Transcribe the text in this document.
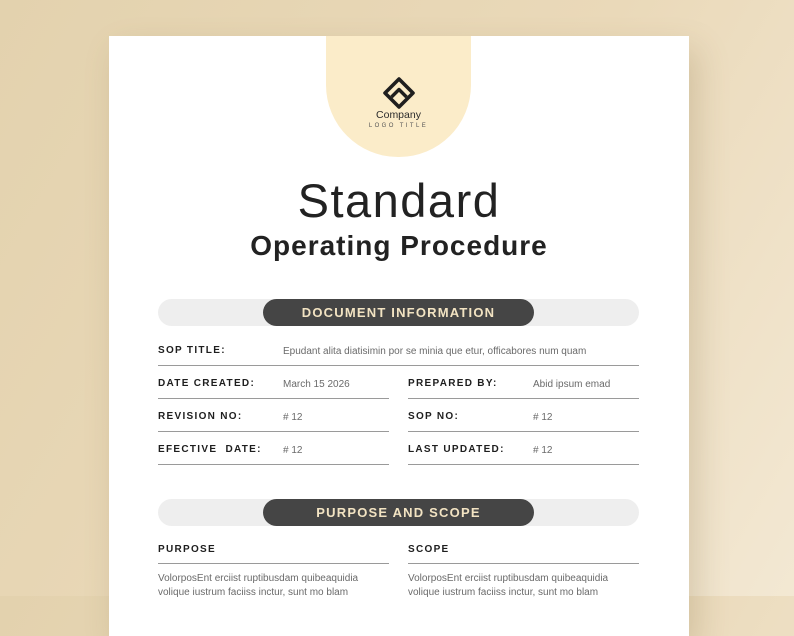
Company
LOGO TITLE
Standard
Operating Procedure
DOCUMENT INFORMATION
SOP TITLE:	Epudant alita diatisimin por se minia que etur, officabores num quam
DATE CREATED:	March 15 2026	PREPARED BY:	Abid ipsum emad
REVISION NO:	# 12	SOP NO:	# 12
EFECTIVE  DATE: # 12	LAST UPDATED:	# 12
PURPOSE AND SCOPE
PURPOSE	SCOPE
VolorposEnt erciist ruptibusdam quibeaquidia
volique iustrum faciiss inctur, sunt mo blam
VolorposEnt erciist ruptibusdam quibeaquidia
volique iustrum faciiss inctur, sunt mo blam
